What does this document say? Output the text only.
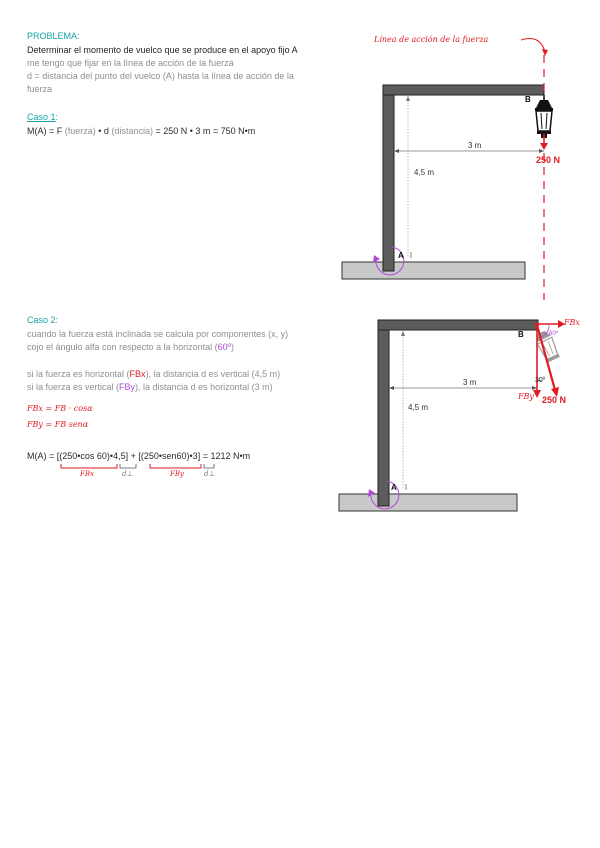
PROBLEMA:
Determinar el momento de vuelco que se produce en el apoyo fijo A
me tengo que fijar en la línea de acción de la fuerza
d = distancia del punto del vuelco (A) hasta la línea de acción de la
fuerza
Caso 1:
M(A) = F (fuerza) • d (distancia) = 250 N • 3 m = 750 N•m
Línea de acción de la fuerza
B
3 m
250 N
4,5 m
A
Caso 2:
cuando la fuerza está inclinada se calcula por componentes (x, y)
cojo el ángulo alfa con respecto a la horizontal (60º)
si la fuerza es horizontal (FBx), la distancia d es vertical (4,5 m)
si la fuerza es vertical (FBy), la distancia d es horizontal (3 m)
FBx = FB · cosα
FBy = FB senα
M(A) = [(250•cos 60)•4,5] + [(250•sen60)•3] = 1212 N•m
FBx	d⊥	FBy	d⊥
FBx
60º
B
3 m	30º
FBy 250 N
4,5 m
A
